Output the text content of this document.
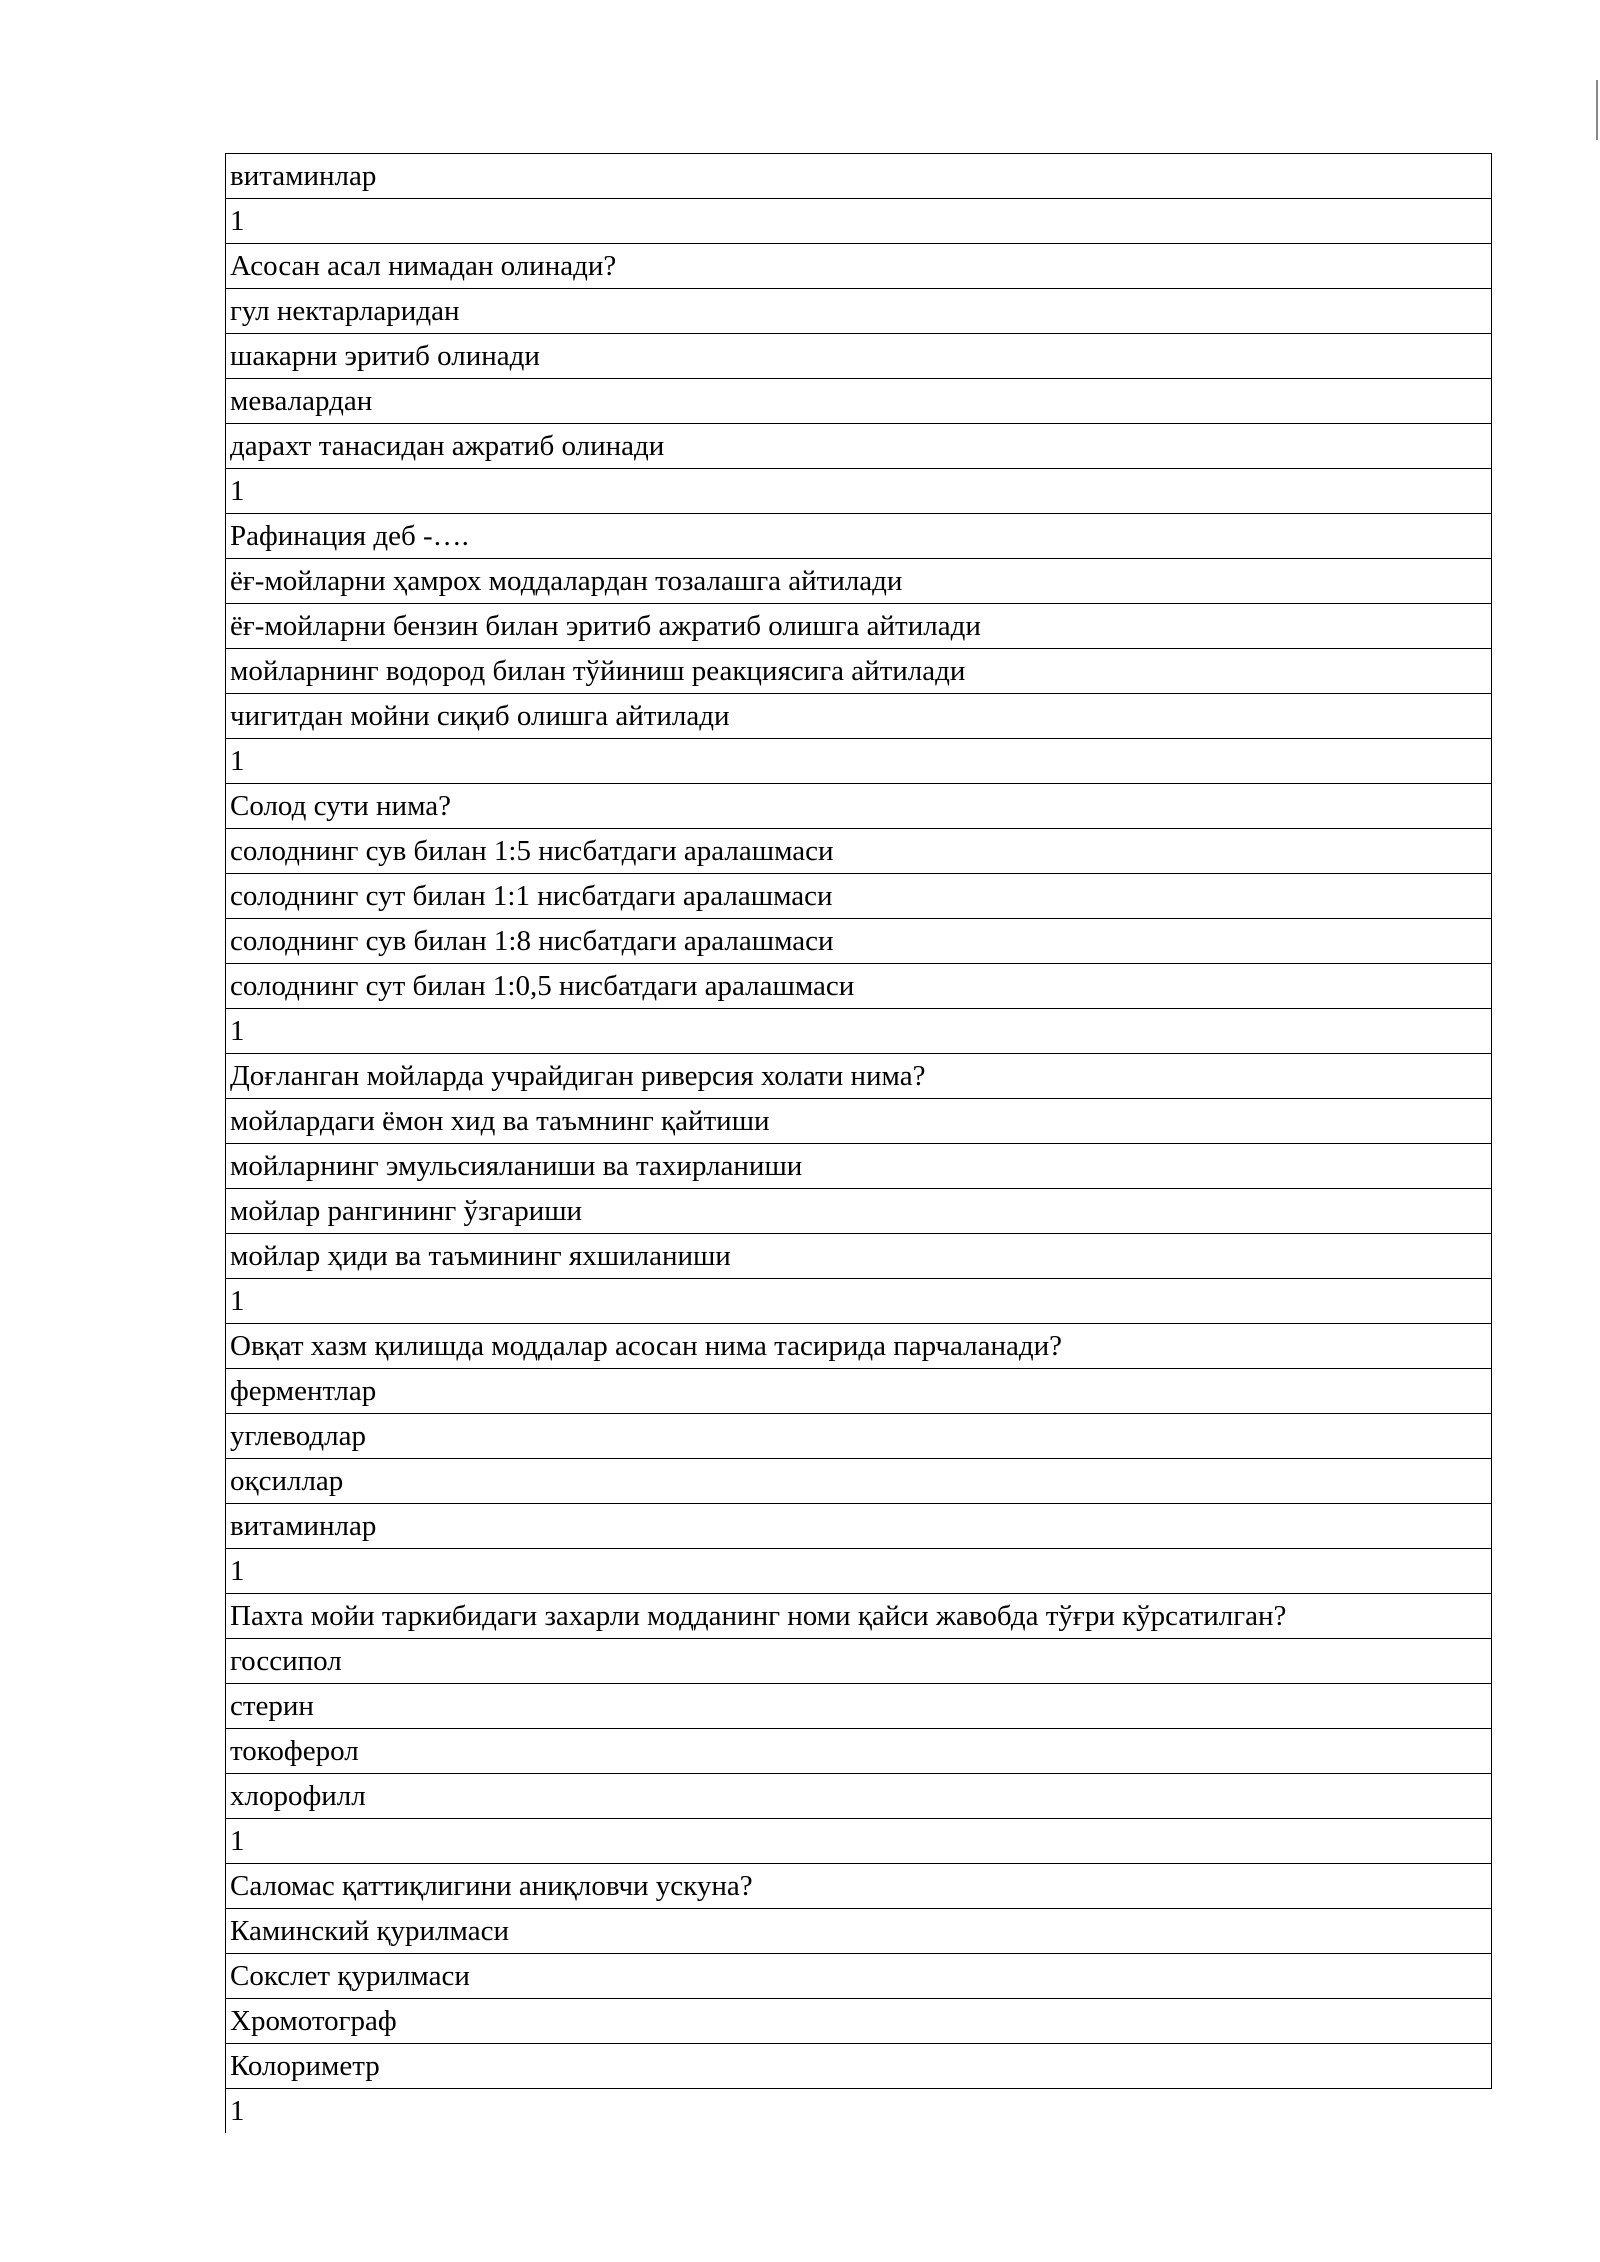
витаминлар
1
Асосан асал нимадан олинади?
гул нектарларидан
шакарни эритиб олинади
мевалардан
дарахт танасидан ажратиб олинади
1
Рафинация деб -….
ёғ-мойларни ҳамрох моддалардан тозалашга айтилади
ёғ-мойларни бензин билан эритиб ажратиб олишга айтилади
мойларнинг водород билан тўйиниш реакциясига айтилади
чигитдан мойни сиқиб олишга айтилади
1
Солод сути нима?
солоднинг сув билан 1:5 нисбатдаги аралашмаси
солоднинг сут билан 1:1 нисбатдаги аралашмаси
солоднинг сув билан 1:8 нисбатдаги аралашмаси
солоднинг сут билан 1:0,5 нисбатдаги аралашмаси
1
Доғланган мойларда учрайдиган риверсия холати нима?
мойлардаги ёмон хид ва таъмнинг қайтиши
мойларнинг эмульсияланиши ва тахирланиши
мойлар рангининг ўзгариши
мойлар ҳиди ва таъмининг яхшиланиши
1
Овқат хазм қилишда моддалар асосан нима тасирида парчаланади?
ферментлар
углеводлар
оқсиллар
витаминлар
1
Пахта мойи таркибидаги захарли модданинг номи қайси жавобда тўғри кўрсатилган?
госсипол
стерин
токоферол
хлорофилл
1
Саломас қаттиқлигини аниқловчи ускуна?
Каминский қурилмаси
Сокслет қурилмаси
Хромотограф
Колориметр
1
